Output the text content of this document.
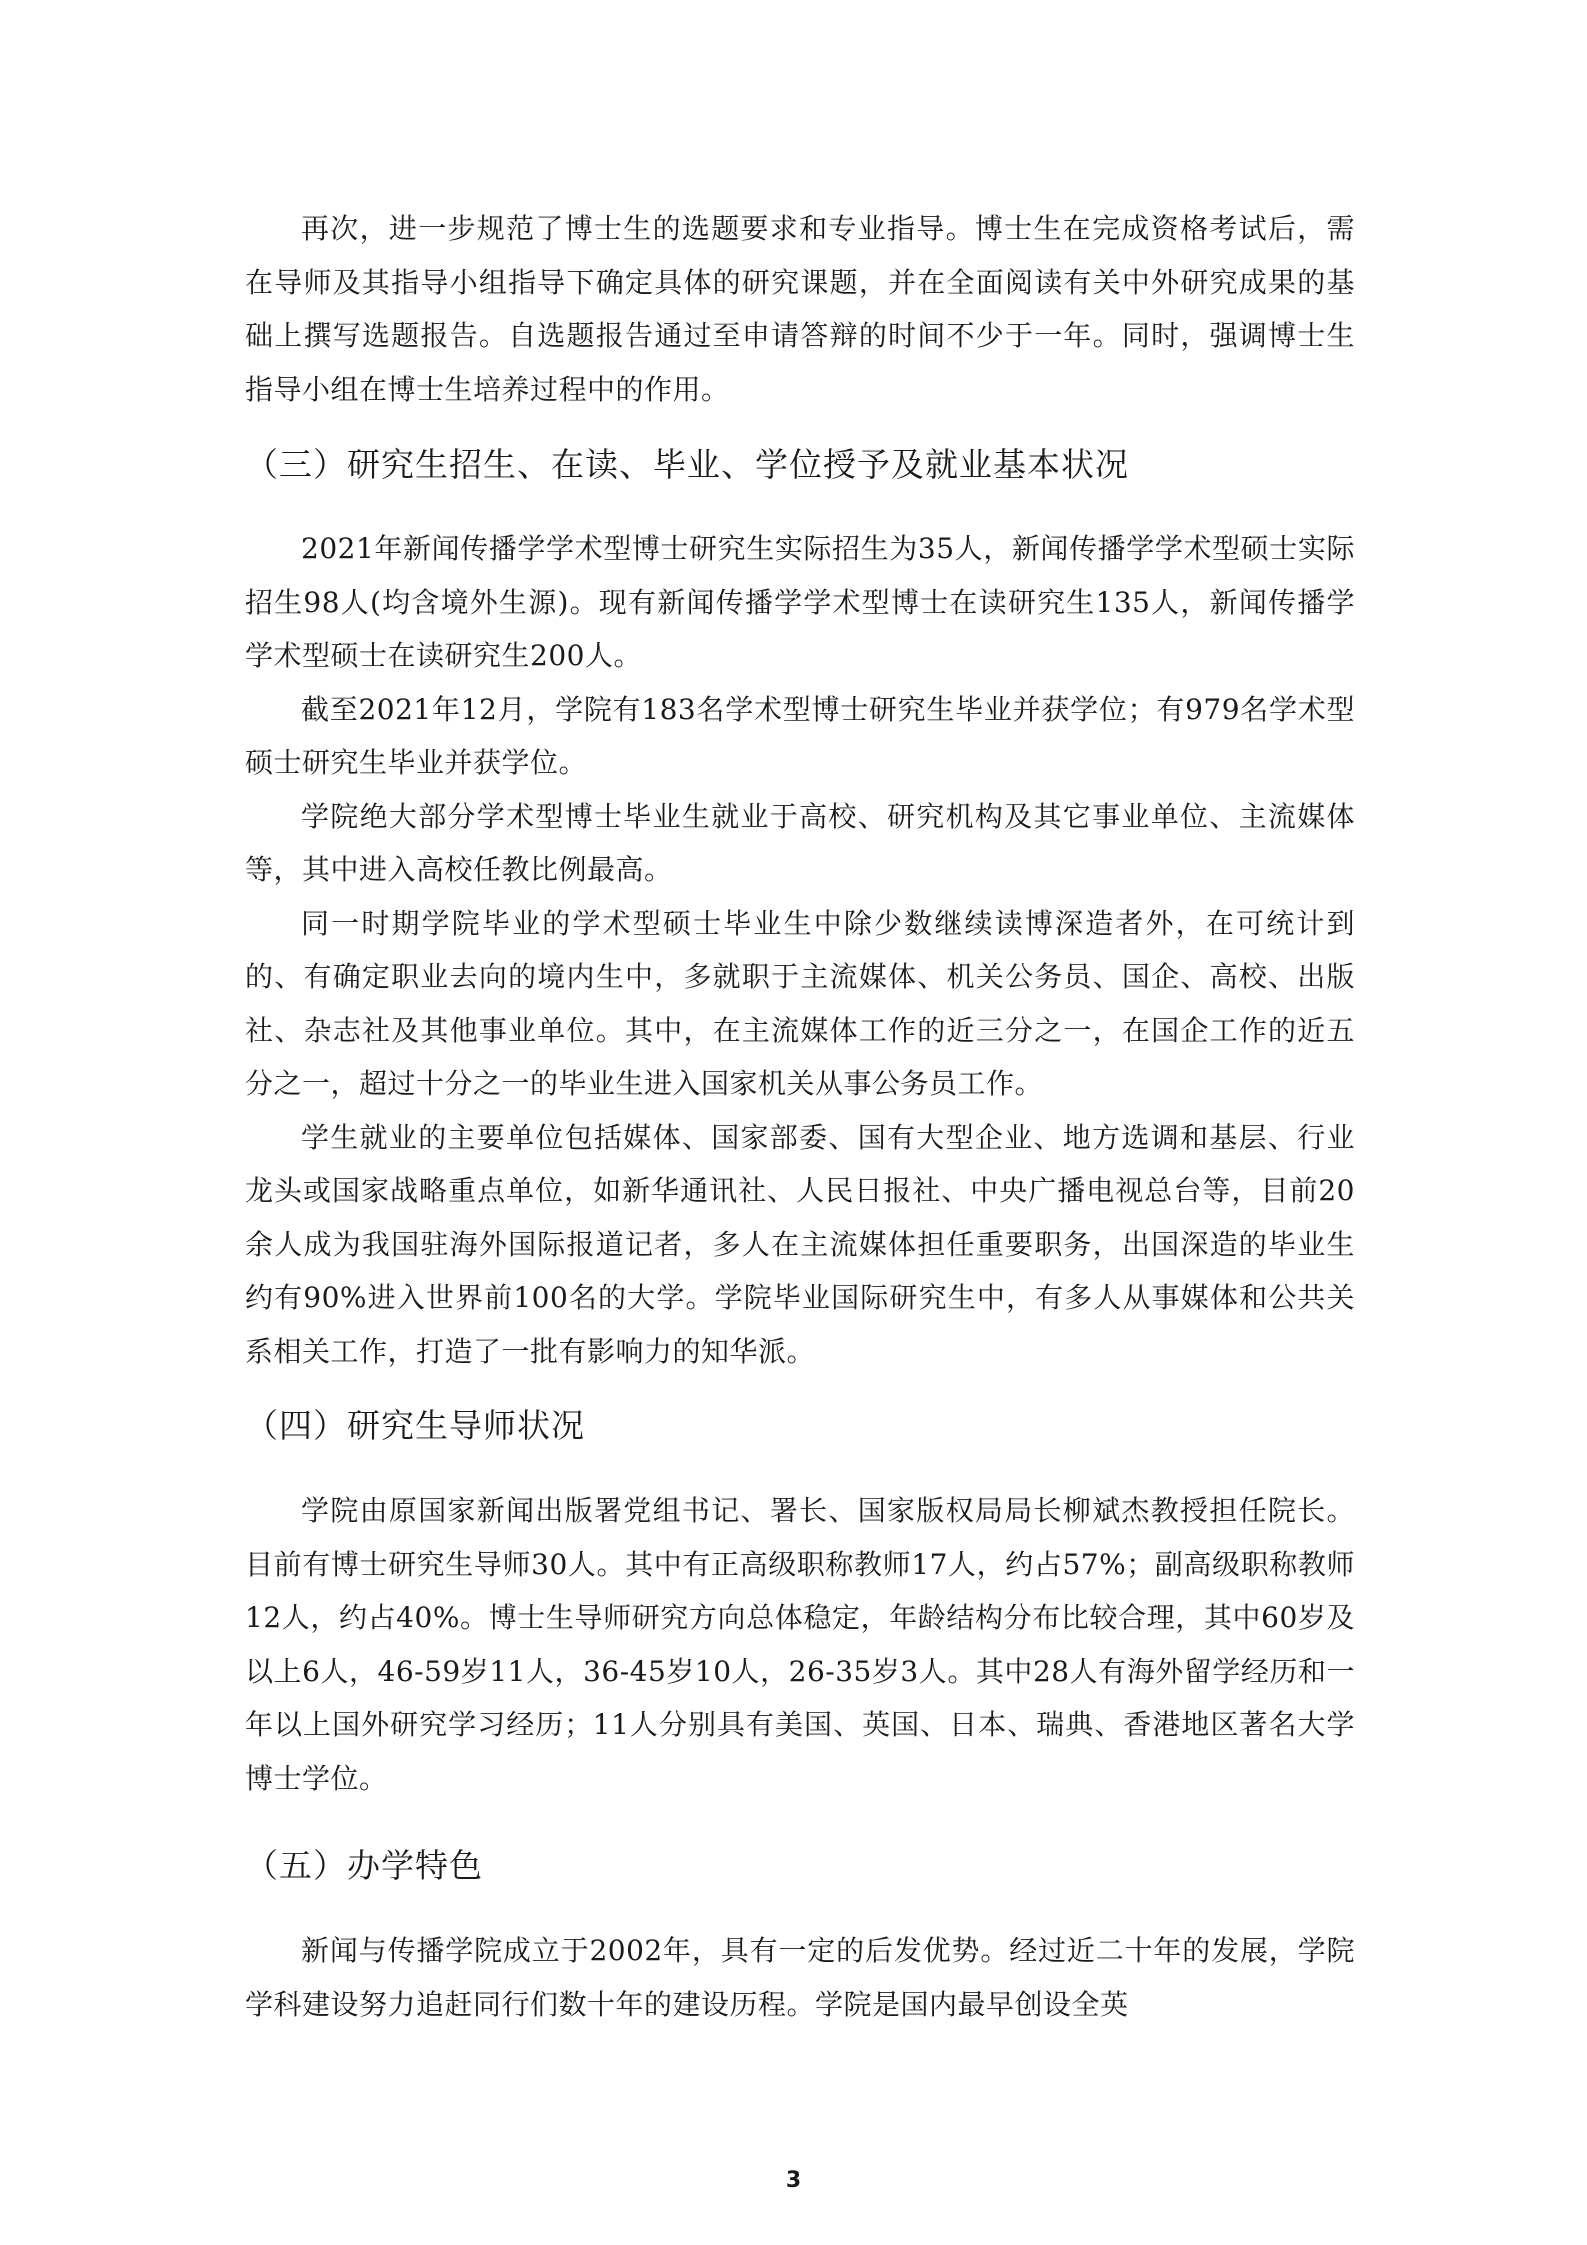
再次，进一步规范了博士生的选题要求和专业指导。博士生在完成资格考试后，需在导师及其指导小组指导下确定具体的研究课题，并在全面阅读有关中外研究成果的基础上撰写选题报告。自选题报告通过至申请答辩的时间不少于一年。同时，强调博士生指导小组在博士生培养过程中的作用。

（三）研究生招生、在读、毕业、学位授予及就业基本状况

2021年新闻传播学学术型博士研究生实际招生为35人，新闻传播学学术型硕士实际招生98人(均含境外生源)。现有新闻传播学学术型博士在读研究生135人，新闻传播学学术型硕士在读研究生200人。

截至2021年12月，学院有183名学术型博士研究生毕业并获学位；有979名学术型硕士研究生毕业并获学位。

学院绝大部分学术型博士毕业生就业于高校、研究机构及其它事业单位、主流媒体等，其中进入高校任教比例最高。

同一时期学院毕业的学术型硕士毕业生中除少数继续读博深造者外，在可统计到的、有确定职业去向的境内生中，多就职于主流媒体、机关公务员、国企、高校、出版社、杂志社及其他事业单位。其中，在主流媒体工作的近三分之一，在国企工作的近五分之一，超过十分之一的毕业生进入国家机关从事公务员工作。

学生就业的主要单位包括媒体、国家部委、国有大型企业、地方选调和基层、行业龙头或国家战略重点单位，如新华通讯社、人民日报社、中央广播电视总台等，目前20余人成为我国驻海外国际报道记者，多人在主流媒体担任重要职务，出国深造的毕业生约有90%进入世界前100名的大学。学院毕业国际研究生中，有多人从事媒体和公共关系相关工作，打造了一批有影响力的知华派。

（四）研究生导师状况

学院由原国家新闻出版署党组书记、署长、国家版权局局长柳斌杰教授担任院长。目前有博士研究生导师30人。其中有正高级职称教师17人，约占57%；副高级职称教师12人，约占40%。博士生导师研究方向总体稳定，年龄结构分布比较合理，其中60岁及以上6人，46-59岁11人，36-45岁10人，26-35岁3人。其中28人有海外留学经历和一年以上国外研究学习经历；11人分别具有美国、英国、日本、瑞典、香港地区著名大学博士学位。

（五）办学特色

新闻与传播学院成立于2002年，具有一定的后发优势。经过近二十年的发展，学院学科建设努力追赶同行们数十年的建设历程。学院是国内最早创设全英

3
